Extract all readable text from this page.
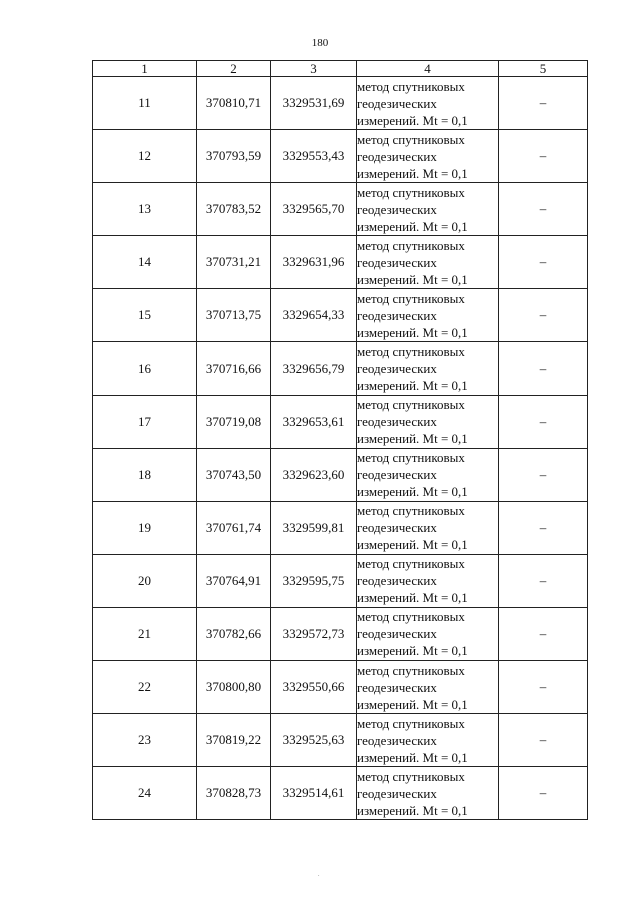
180
1	2	3	4	5
11	370810,71	3329531,69	метод спутниковых
геодезических
измерений. Mt = 0,1	–
12	370793,59	3329553,43	метод спутниковых
геодезических
измерений. Mt = 0,1	–
13	370783,52	3329565,70	метод спутниковых
геодезических
измерений. Mt = 0,1	–
14	370731,21	3329631,96	метод спутниковых
геодезических
измерений. Mt = 0,1	–
15	370713,75	3329654,33	метод спутниковых
геодезических
измерений. Mt = 0,1	–
16	370716,66	3329656,79	метод спутниковых
геодезических
измерений. Mt = 0,1	–
17	370719,08	3329653,61	метод спутниковых
геодезических
измерений. Mt = 0,1	–
18	370743,50	3329623,60	метод спутниковых
геодезических
измерений. Mt = 0,1	–
19	370761,74	3329599,81	метод спутниковых
геодезических
измерений. Mt = 0,1	–
20	370764,91	3329595,75	метод спутниковых
геодезических
измерений. Mt = 0,1	–
21	370782,66	3329572,73	метод спутниковых
геодезических
измерений. Mt = 0,1	–
22	370800,80	3329550,66	метод спутниковых
геодезических
измерений. Mt = 0,1	–
23	370819,22	3329525,63	метод спутниковых
геодезических
измерений. Mt = 0,1	–
24	370828,73	3329514,61	метод спутниковых
геодезических
измерений. Mt = 0,1	–
.
